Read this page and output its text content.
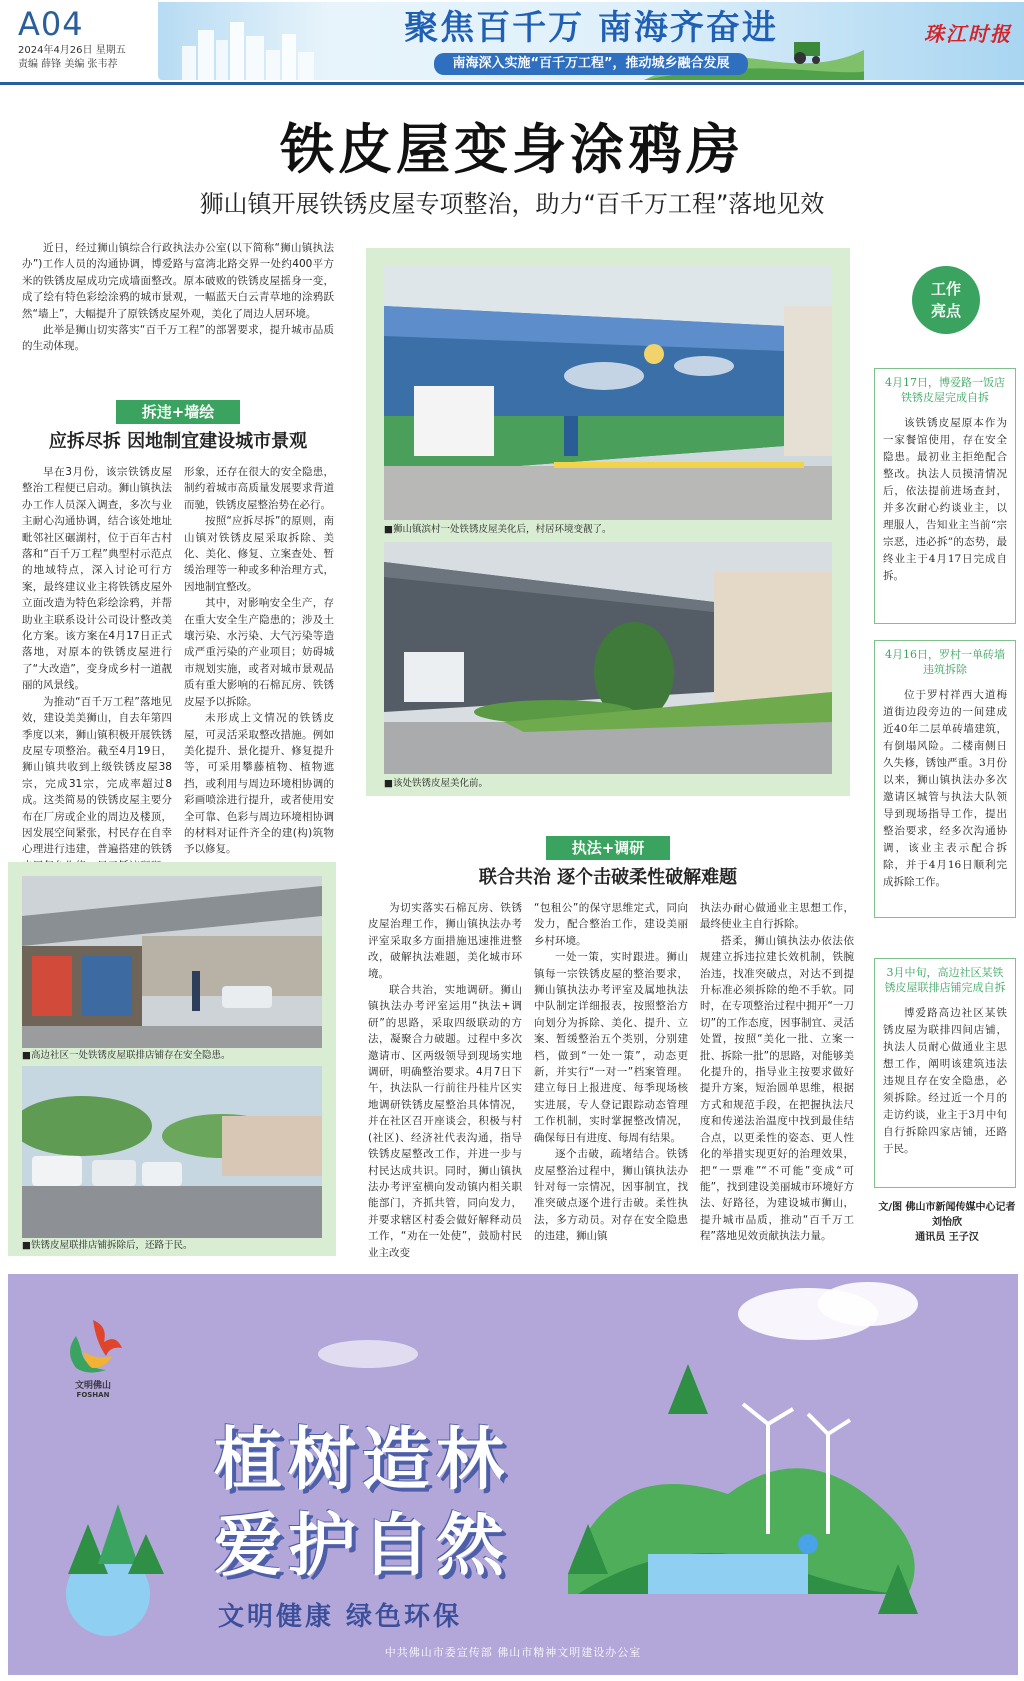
A04
2024年4月26日 星期五
责编 薛锋 美编 张韦荐
聚焦百千万 南海齐奋进
南海深入实施“百千万工程”，推动城乡融合发展
珠江时报
铁皮屋变身涂鸦房
狮山镇开展铁锈皮屋专项整治，助力“百千万工程”落地见效

近日，经过狮山镇综合行政执法办公室(以下简称“狮山镇执法办”)工作人员的沟通协调，博爱路与富湾北路交界一处约400平方米的铁锈皮屋成功完成墙面整改。原本破败的铁锈皮屋摇身一变，成了绘有特色彩绘涂鸦的城市景观，一幅蓝天白云青草地的涂鸦跃然“墙上”，大幅提升了原铁锈皮屋外观，美化了周边人居环境。

此举是狮山切实落实“百千万工程”的部署要求，提升城市品质的生动体现。

拆违+墙绘
应拆尽拆 因地制宜建设城市景观

早在3月份，该宗铁锈皮屋整治工程便已启动。狮山镇执法办工作人员深入调查，多次与业主耐心沟通协调，结合该处地址毗邻社区碾湖村，位于百年古村落和“百千万工程”典型村示范点的地域特点，深入讨论可行方案，最终建议业主将铁锈皮屋外立面改造为特色彩绘涂鸦，并帮助业主联系设计公司设计整改美化方案。该方案在4月17日正式落地，对原本的铁锈皮屋进行了“大改造”，变身成乡村一道靓丽的风景线。

为推动“百千万工程”落地见效，建设美美狮山，自去年第四季度以来，狮山镇积极开展铁锈皮屋专项整治。截至4月19日，狮山镇共收到上级铁锈皮屋38宗，完成31宗，完成率超过8成。这类简易的铁锈皮屋主要分布在厂房或企业的周边及楼顶，因发展空间紧张，村民存在自幸心理进行违建，普遍搭建的铁锈

形象，还存在很大的安全隐患，制约着城市高质量发展要求背道而驰，铁锈皮屋整治势在必行。

按照“应拆尽拆”的原则，南山镇对铁锈皮屋采取拆除、美化、美化、修复、立案查处、暂缓治理等一种或多种治理方式，因地制宜整改。

其中，对影响安全生产，存在重大安全生产隐患的；涉及土壤污染、水污染、大气污染等造成严重污染的产业项目；妨碍城市规划实施，或者对城市景观品质有重大影响的石棉瓦房、铁锈皮屋予以拆除。

未形成上文情况的铁锈皮屋，可灵活采取整改措施。例如美化提升、景化提升、修复提升等，可采用攀藤植物、植物遮挡，或利用与周边环境相协调的彩画喷涂进行提升，或者使用安全可靠、色彩与周边环境相协调的材料对证件齐全的建(构)筑物予以修复。

■狮山镇滨村一处铁锈皮屋美化后，村居环境变靓了。
■该处铁锈皮屋美化前。
■高边社区一处铁锈皮屋联排店铺存在安全隐患。
■铁锈皮屋联排店铺拆除后，还路于民。
工作
亮点
4月17日，博爱路一饭店铁锈皮屋完成自拆
该铁锈皮屋原本作为一家餐馆使用，存在安全隐患。最初业主拒绝配合整改。执法人员摸清情况后，依法提前进场查封，并多次耐心约谈业主，以理服人，告知业主当前“宗宗恶，违必拆”的态势，最终业主于4月17日完成自拆。
4月16日，罗村一单砖墙违筑拆除
位于罗村祥西大道梅道街边段旁边的一间建成近40年二层单砖墙建筑，有倒塌风险。二楼南侧日久失修，锈蚀严重。3月份以来，狮山镇执法办多次邀请区城管与执法大队领导到现场指导工作，提出整治要求，经多次沟通协调，该业主表示配合拆除，并于4月16日顺利完成拆除工作。
3月中旬，高边社区某铁锈皮屋联排店铺完成自拆
博爱路高边社区某铁锈皮屋为联排四间店铺，执法人员耐心做通业主思想工作，阐明该建筑违法违规且存在安全隐患，必须拆除。经过近一个月的走访约谈，业主于3月中旬自行拆除四家店铺，还路于民。
文/图 佛山市新闻传媒中心记者
刘怡欣
通讯员 王子汉
执法+调研
联合共治 逐个击破柔性破解难题

为切实落实石棉瓦房、铁锈皮屋治理工作，狮山镇执法办考评室采取多方面措施迅速推进整改，破解执法难题，美化城市环境。

联合共治，实地调研。狮山镇执法办考评室运用“执法+调研”的思路，采取四级联动的方法，凝聚合力破题。过程中多次邀请市、区两级领导到现场实地调研，明确整治要求。4月7日下午，执法队一行前往丹桂片区实地调研铁锈皮屋整治具体情况，并在社区召开座谈会，积极与村(社区)、经济社代表沟通，指导铁锈皮屋整改工作，并进一步与村民达成共识。同时，狮山镇执法办考评室横向发动镇内相关职能部门，齐抓共管，同向发力，并要求辖区村委会做好解释动员工作，“劝在一处使”，鼓励村民业主改变

“包租公”的保守思维定式，同向发力，配合整治工作，建设美丽乡村环境。

一处一策，实时跟进。狮山镇每一宗铁锈皮屋的整治要求，狮山镇执法办考评室及属地执法中队制定详细报表，按照整治方向划分为拆除、美化、提升、立案、暂缓整治五个类别，分别建档，做到“一处一策”，动态更新，并实行“一对一”档案管理。建立每日上报进度、每季现场核实进展，专人登记跟踪动态管理工作机制，实时掌握整改情况，确保每日有进度、每周有结果。

逐个击破，疏堵结合。铁锈皮屋整治过程中，狮山镇执法办针对每一宗情况，因事制宜，找准突破点逐个进行击破。柔性执法，多方动员。对存在安全隐患的违建，狮山镇

执法办耐心做通业主思想工作，最终使业主自行拆除。

搭柔，狮山镇执法办依法依规建立拆违拉建长效机制，铁腕治违，找准突破点，对达不到提升标准必须拆除的绝不手软。同时，在专项整治过程中拥开“一刀切”的工作态度，因事制宜、灵活处置，按照“美化一批、立案一批、拆除一批”的思路，对能够美化提升的，指导业主按要求做好提升方案，短治圆单思维，根据方式和规范手段，在把握执法尺度和传递法治温度中找到最佳结合点，以更柔性的姿态、更人性化的举措实现更好的治理效果，把“一票难”“不可能”变成“可能”，找到建设美丽城市环境好方法、好路径，为建设城市狮山，提升城市品质，推动“百千万工程”落地见效贡献执法力量。

文明佛山
FOSHAN
植树造林
爱护自然
文明健康 绿色环保
中共佛山市委宣传部 佛山市精神文明建设办公室
